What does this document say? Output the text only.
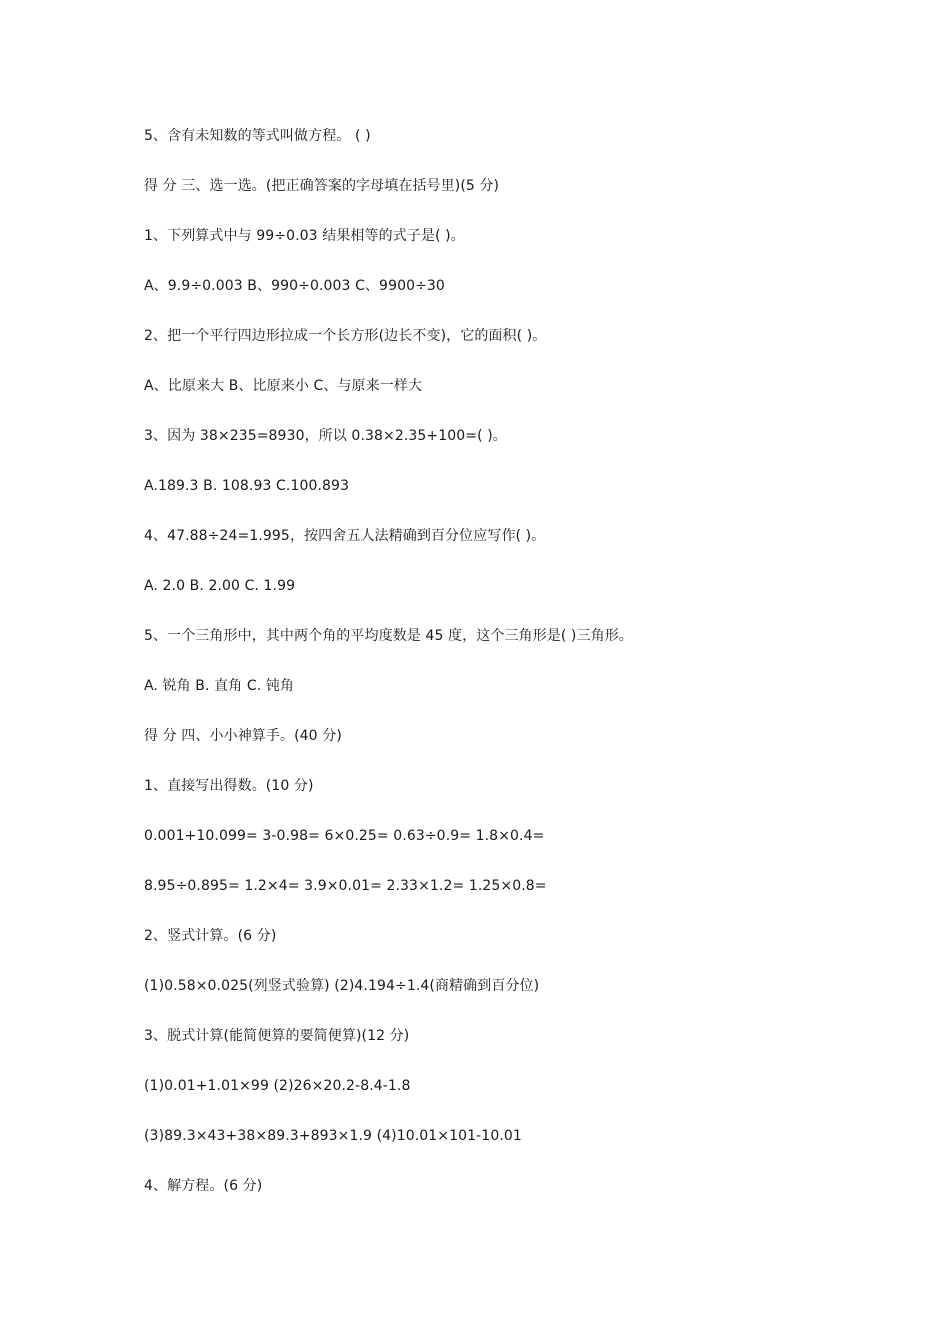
5、含有未知数的等式叫做方程。 ( )
得 分 三、选一选。(把正确答案的字母填在括号里)(5 分)
1、下列算式中与 99÷0.03 结果相等的式子是( )。
A、9.9÷0.003 B、990÷0.003 C、9900÷30
2、把一个平行四边形拉成一个长方形(边长不变)，它的面积( )。
A、比原来大 B、比原来小 C、与原来一样大
3、因为 38×235=8930，所以 0.38×2.35+100=( )。
A.189.3 B. 108.93 C.100.893
4、47.88÷24=1.995，按四舍五人法精确到百分位应写作( )。
A. 2.0 B. 2.00 C. 1.99
5、一个三角形中，其中两个角的平均度数是 45 度，这个三角形是( )三角形。
A. 锐角 B. 直角 C. 钝角
得 分 四、小小神算手。(40 分)
1、直接写出得数。(10 分)
0.001+10.099= 3-0.98= 6×0.25= 0.63÷0.9= 1.8×0.4=
8.95÷0.895= 1.2×4= 3.9×0.01= 2.33×1.2= 1.25×0.8=
2、竖式计算。(6 分)
(1)0.58×0.025(列竖式验算) (2)4.194÷1.4(商精确到百分位)
3、脱式计算(能简便算的要简便算)(12 分)
(1)0.01+1.01×99 (2)26×20.2-8.4-1.8
(3)89.3×43+38×89.3+893×1.9 (4)10.01×101-10.01
4、解方程。(6 分)
